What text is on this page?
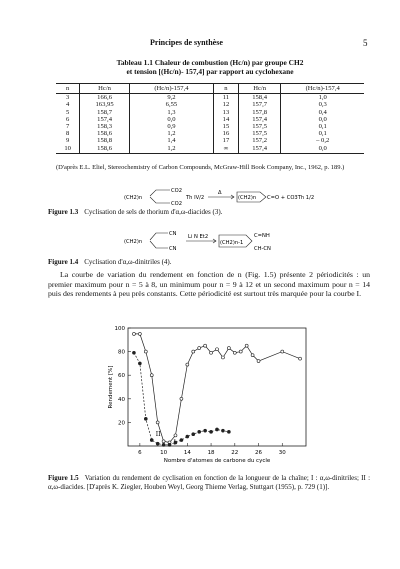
Principes de synthèse	5
Tableau 1.1 Chaleur de combustion (Hc/n) par groupe CH2
et tension [(Hc/n)- 157,4] par rapport au cyclohexane
n	Hc/n	(Hc/n)-157,4	n	Hc/n	(Hc/n)-157,4
3	166,6	9,2	11	158,4	1,0
4	163,95	6,55	12	157,7	0,3
5	158,7	1,3	13	157,8	0,4
6	157,4	0,0	14	157,4	0,0
7	158,3	0,9	15	157,5	0,1
8	158,6	1,2	16	157,5	0,1
9	158,8	1,4	17	157,2	– 0,2
10	158,6	1,2	∞	157,4	0,0
(D'après E.L. Eliel, Stereochemistry of Carbon Compounds, McGraw-Hill Book Company, Inc., 1962, p. 189.)
(CH2)n
CO2
CO2
Th IV/2
Δ
(CH2)n C=O + CO3Th 1/2
Figure 1.3 Cyclisation de sels de thorium d'α,ω-diacides (3).
(CH2)n
CN
CN
Li N Et2
(CH2)n-1
C=NH
CH-CN
Figure 1.4 Cyclisation d'α,ω-dinitriles (4).
La courbe de variation du rendement en fonction de n (Fig. 1.5) présente 2 périodicités : un premier maximum pour n = 5 à 8, un minimum pour n = 9 à 12 et un second maximum pour n = 14 puis des rendements à peu près constants. Cette périodicité est surtout très marquée pour la courbe I.
6	10	14	18	22	26	30
20
40
60
80
100
Nombre d'atomes de carbone du cycle
Rendement [%]
II
Figure 1.5 Variation du rendement de cyclisation en fonction de la longueur de la chaîne; I : α,ω-dinitriles; II : α,ω-diacides. [D'après K. Ziegler, Houben Weyl, Georg Thieme Verlag, Stuttgart (1955), p. 729 (1)].
